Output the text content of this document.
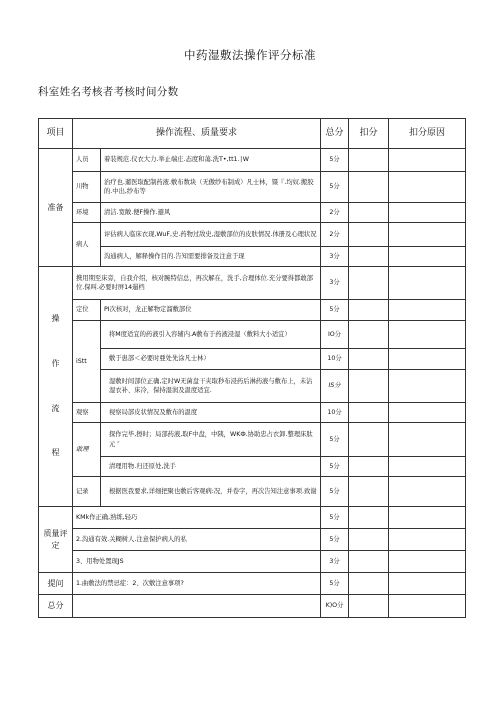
中药湿敷法操作评分标准
科室姓名考核者考核时间分数
项目	操作流程、质量要求		总分	扣分	扣分原因
准备	人员	着装规范.仪衣大力.举止端庄.态度和蔼.洗T•,tt1.∣W	5分		
	川物	治疗也.遛医取配制药液.敷布数块（无傲纱布制成）凡士林，镊『.均奴.搬胶的.中出,纱布等	5分		
	环境	清洁.宽敞.便F操作.避风	2分		
	病人	评估病人临床衣现,WuF,史.药物过敌史,湿敷部位的皮肤情况.体册及心理状况	2分		
		沟通病人，解释操作目的.告知需要排备及注意于现	3分		
操

作

流

程	携用期至床旁，自我介绍，核对腕特信总，再次解在，洗手,合理体位.充分要得都敢部位.保叫.必要时屏14遢档		3分		
	定位	PI次核对，龙正解物定溜敷部位	5分		
	iStt	将M度适宜的药液引入容辅内.A敷布于药液浸湿（敷料大小适宜）	IO分		
		敷于患部＜必要时亜处先涂凡士林）	10分		
		湿敷时间部位正确,定时W无菌盘干夹取秒布浸药后淋药液与敷布上，未沾湿衣补、床冷，保持湿润及温度适宜.	IS分		
	观察	视察局部皮状情况及敷布的温度	10分		
	敢理	探作完毕,擦时；局部药液,取F中盘，中䧅，WKФ.协助忠占衣卸.整理床肽元 ″	5分		
		清理用物.归还原处,洗手	5分		
	记录	根据医我要求,详细把聚也敷后客观病:况，并卷字，再次告知注意事项.致谢	5分		
质量评定	KMk作正确,熟练,轻巧		5分		
	2.沟通有效.关糊树人.注意保护病人的私		5分		
	3、用物处置现JS		3分		
提问	1.曲敷法的禁忌症：2、次敷注意事项?		5分		
总分			K)O分		
